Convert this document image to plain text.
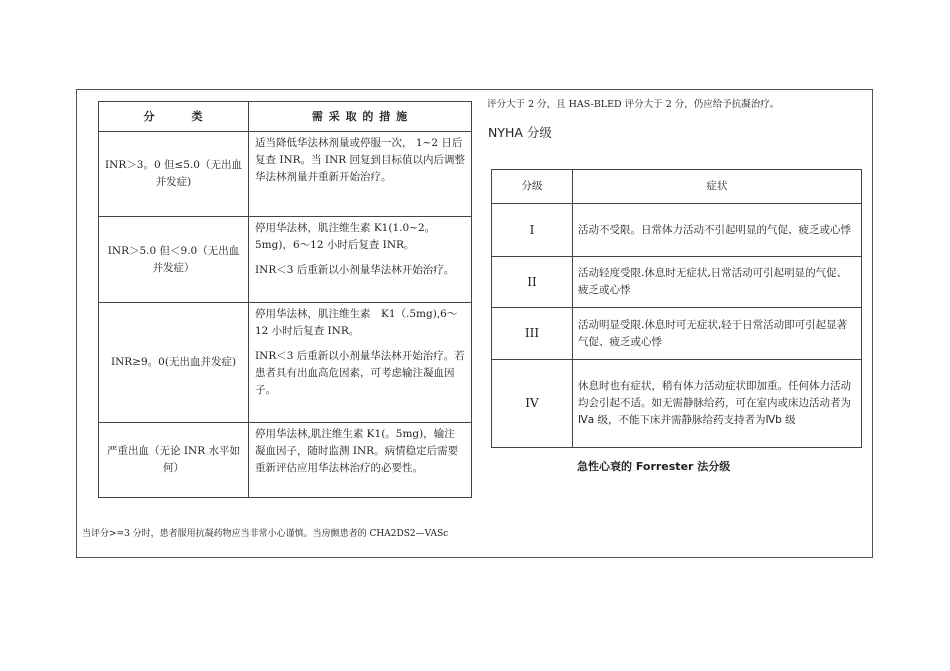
分　　　类	需 采 取 的 措 施
INR＞3。0 但≤5.0（无出血并发症)	适当降低华法林剂量或停服一次， 1~2 日后复查 INR。当 INR 回复到目标值以内后调整华法林剂量并重新开始治疗。

INR＞5.0 但＜9.0（无出血并发症）	停用华法林，肌注维生素 K1(1.0~2。5mg)，6～12 小时后复查 INR。

INR＜3 后重新以小剂量华法林开始治疗。

INR≥9。0(无出血并发症)	停用华法林，肌注维生素　K1（.5mg),6～12 小时后复查 INR。

INR＜3 后重新以小剂量华法林开始治疗。若患者具有出血高危因素，可考虑输注凝血因子。

严重出血（无论 INR 水平如何）	停用华法林,肌注维生素 K1(。5mg)，输注凝血因子，随时监测 INR。病情稳定后需要重新评估应用华法林治疗的必要性。

评分大于 2 分，且 HAS-BLED 评分大于 2 分，仍应给予抗凝治疗。
NYHA 分级
分级	症状
I	活动不受限。日常体力活动不引起明显的气促、疲乏或心悸
II	活动轻度受限.休息时无症状,日常活动可引起明显的气促、疲乏或心悸
III	活动明显受限.休息时可无症状,轻于日常活动即可引起显著气促、疲乏或心悸
IV	休息时也有症状，稍有体力活动症状即加重。任何体力活动均会引起不适。如无需静脉给药，可在室内或床边活动者为Ⅳa 级，不能下床并需静脉给药支持者为Ⅳb 级
急性心衰的 Forrester 法分级
当评分>=3 分时，患者服用抗凝药物应当非常小心谨慎。当房颤患者的 CHA2DS2—VASc
